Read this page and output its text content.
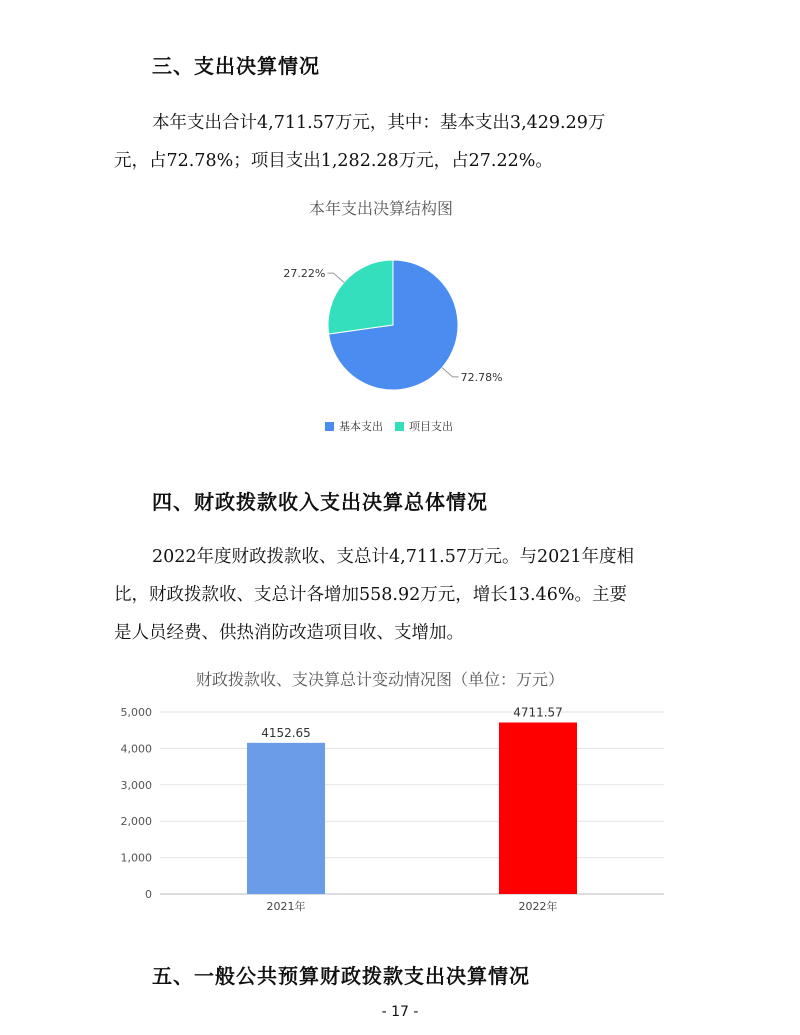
三、支出决算情况

本年支出合计4,711.57万元，其中：基本支出3,429.29万
元，占72.78%；项目支出1,282.28万元，占27.22%。

本年支出决算结构图
72.78%
27.22%
基本支出 项目支出
四、财政拨款收入支出决算总体情况

2022年度财政拨款收、支总计4,711.57万元。与2021年度相
比，财政拨款收、支总计各增加558.92万元，增长13.46%。主要
是人员经费、供热消防改造项目收、支增加。

财政拨款收、支决算总计变动情况图（单位：万元）
0
1,000
2,000
3,000
4,000
5,000
4152.65
2021年
4711.57
2022年
五、一般公共预算财政拨款支出决算情况
- 17 -
